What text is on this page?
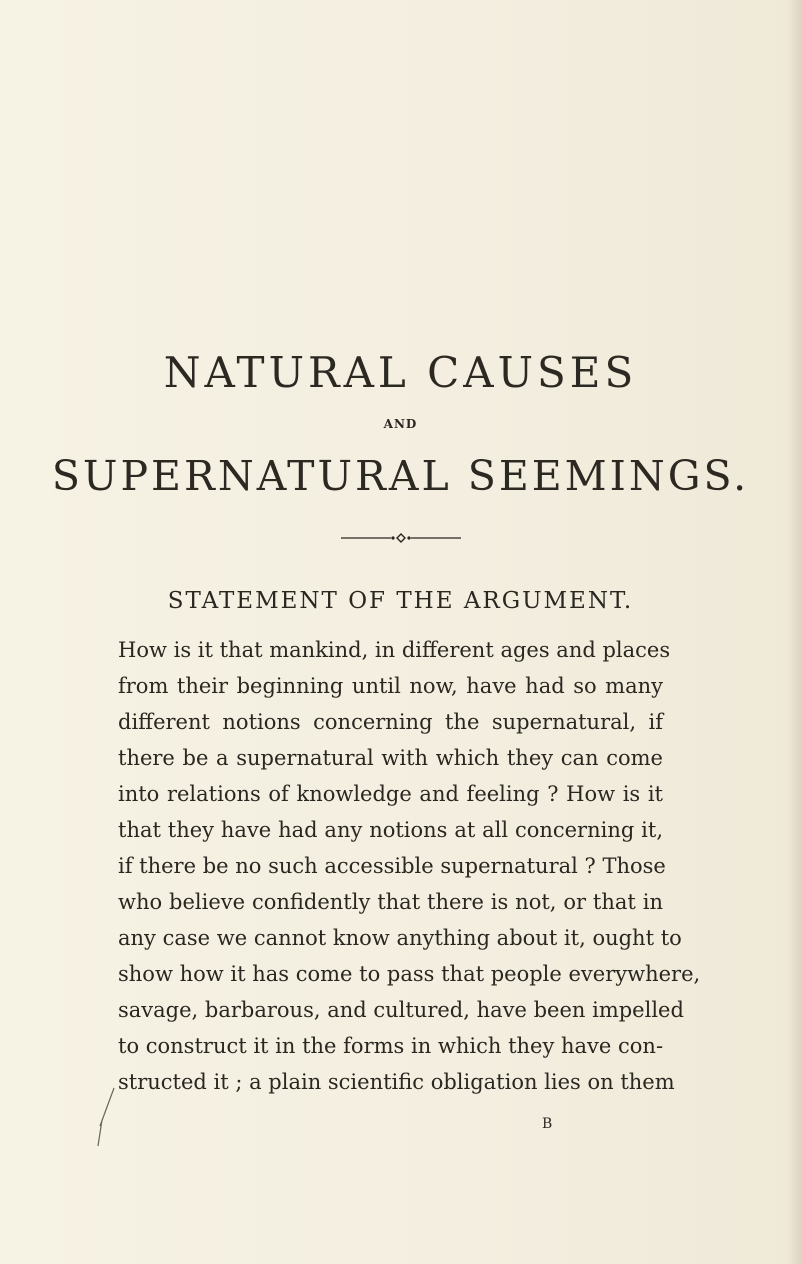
NATURAL CAUSES
AND
SUPERNATURAL SEEMINGS.
STATEMENT OF THE ARGUMENT.
How is it that mankind, in different ages and places
from their beginning until now, have had so many
different notions concerning the supernatural, if
there be a supernatural with which they can come
into relations of knowledge and feeling ? How is it
that they have had any notions at all concerning it,
if there be no such accessible supernatural ? Those
who believe confidently that there is not, or that in
any case we cannot know anything about it, ought to
show how it has come to pass that people everywhere,
savage, barbarous, and cultured, have been impelled
to construct it in the forms in which they have con-
structed it ; a plain scientific obligation lies on them
B
